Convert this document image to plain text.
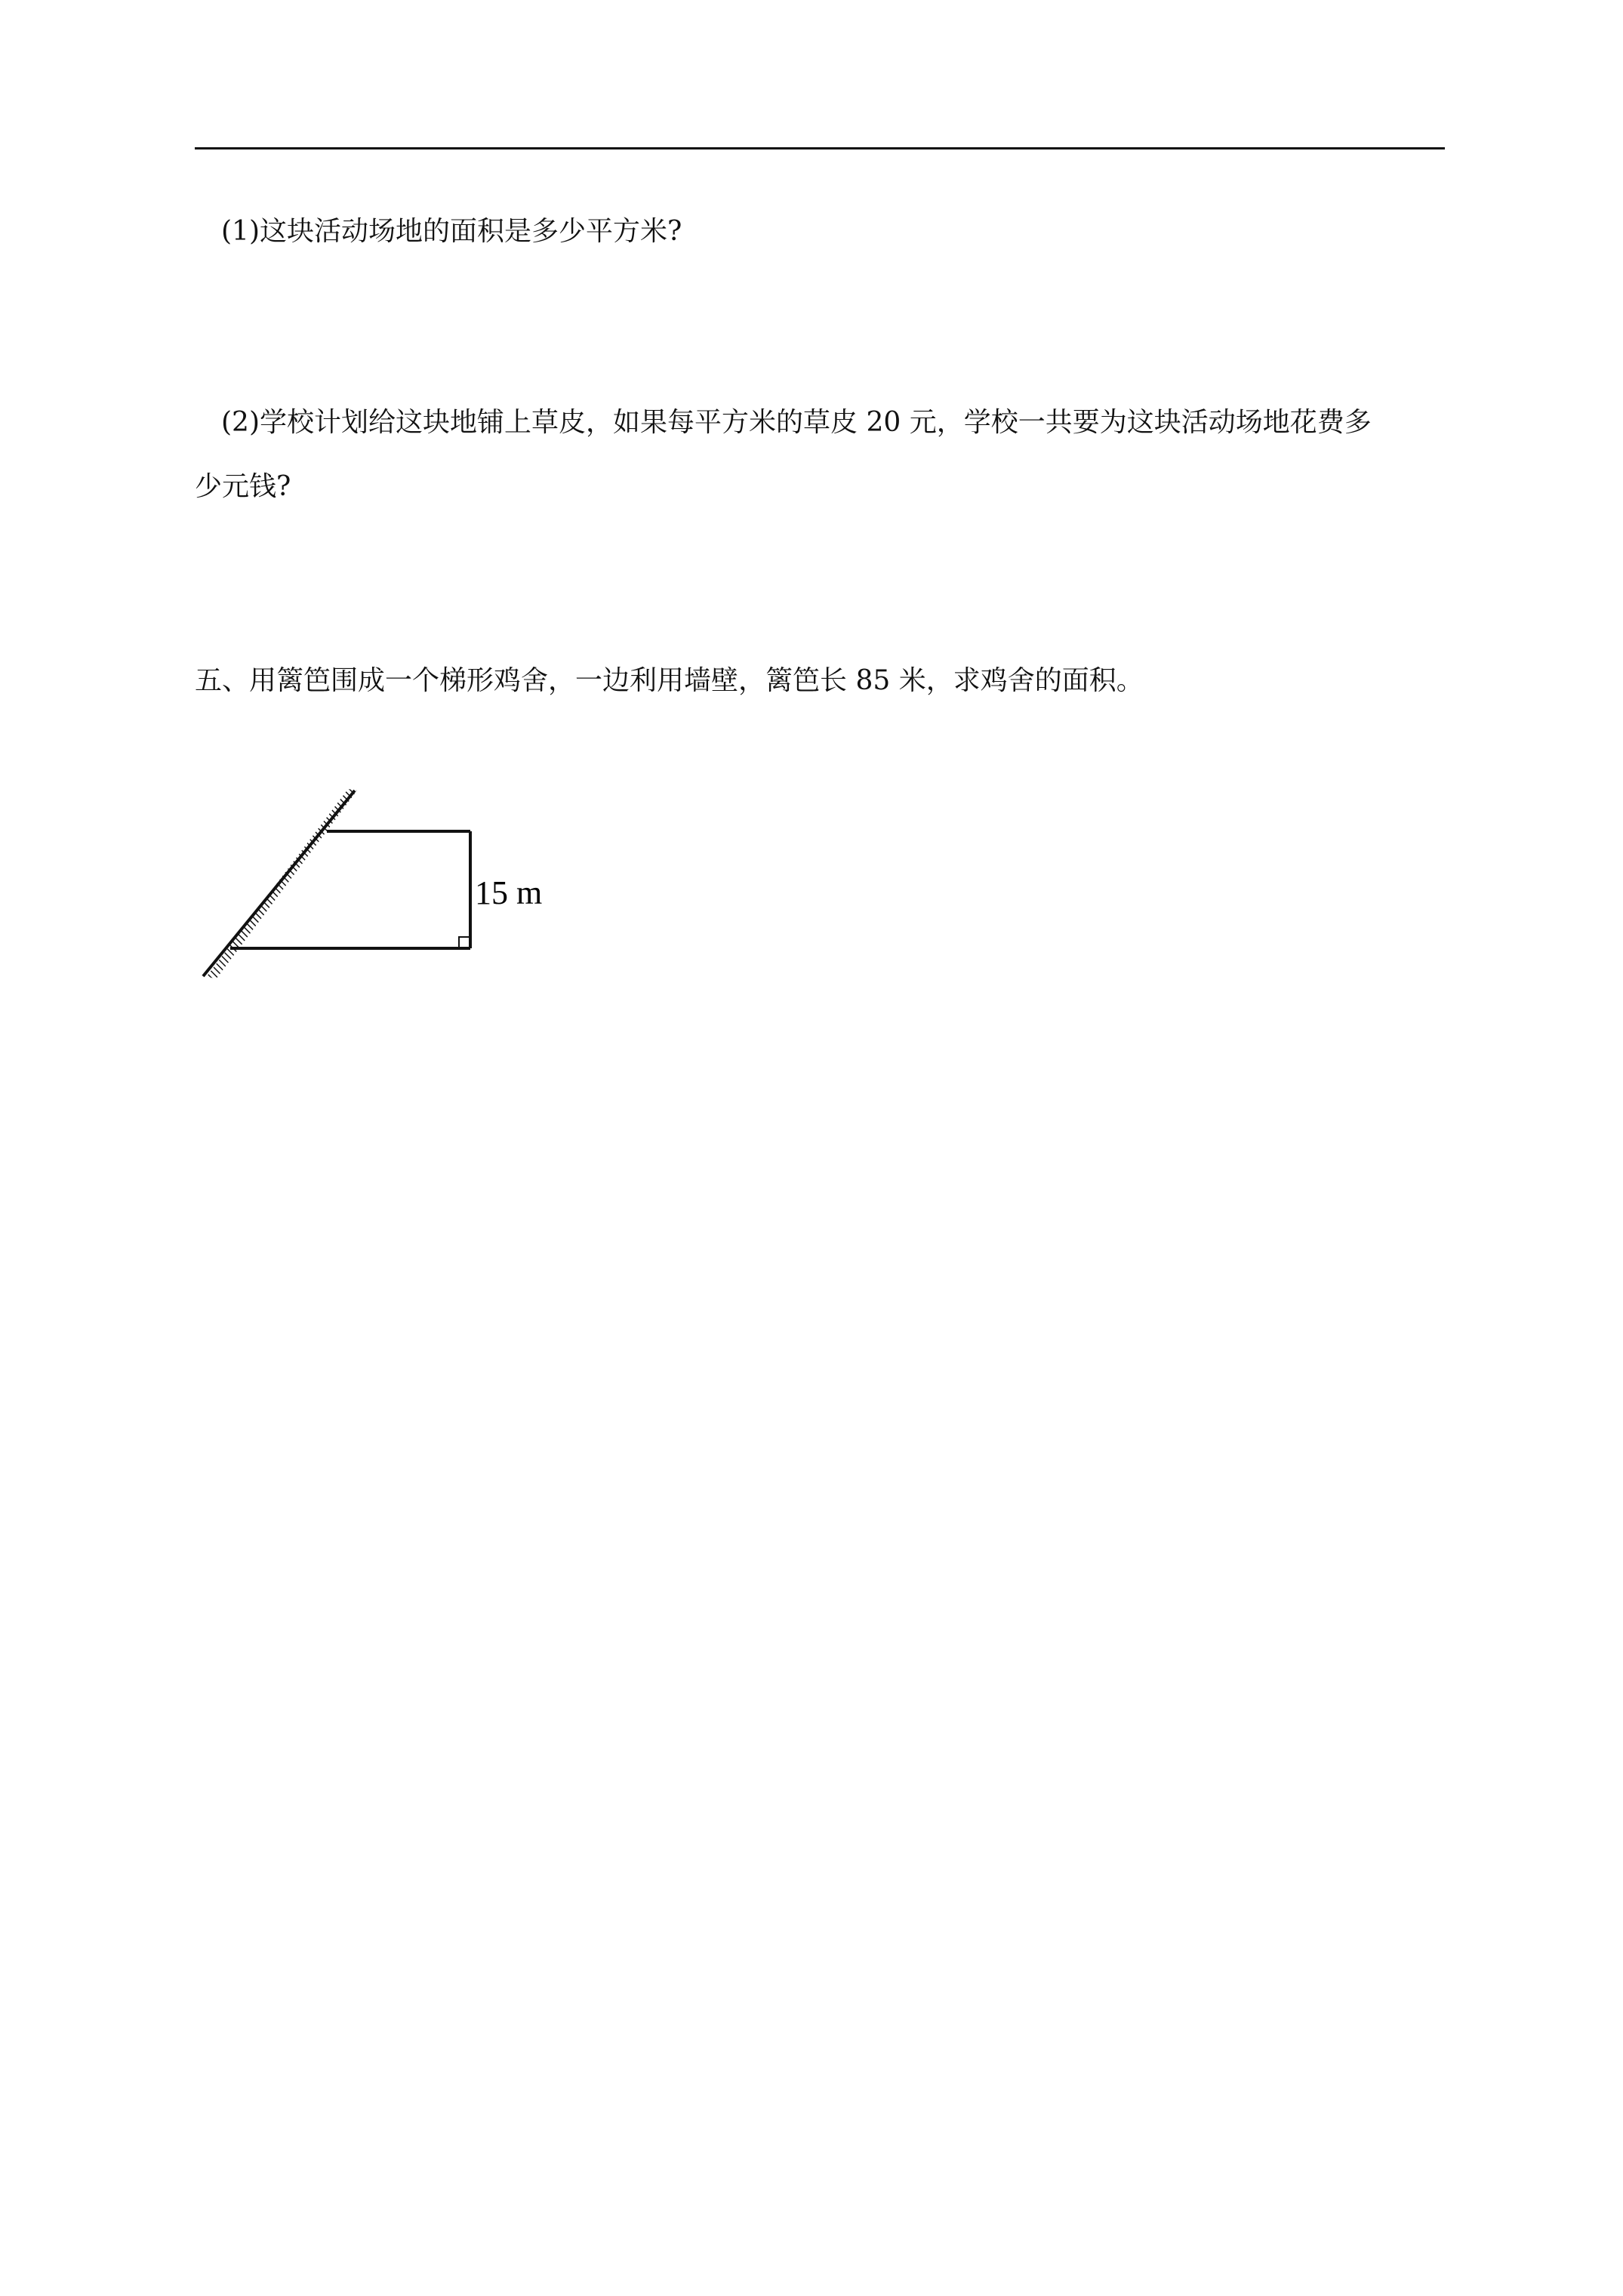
(1)这块活动场地的面积是多少平方米?
(2)学校计划给这块地铺上草皮，如果每平方米的草皮 20 元，学校一共要为这块活动场地花费多
少元钱?
五、用篱笆围成一个梯形鸡舍，一边利用墙壁，篱笆长 85 米，求鸡舍的面积。
15 m
